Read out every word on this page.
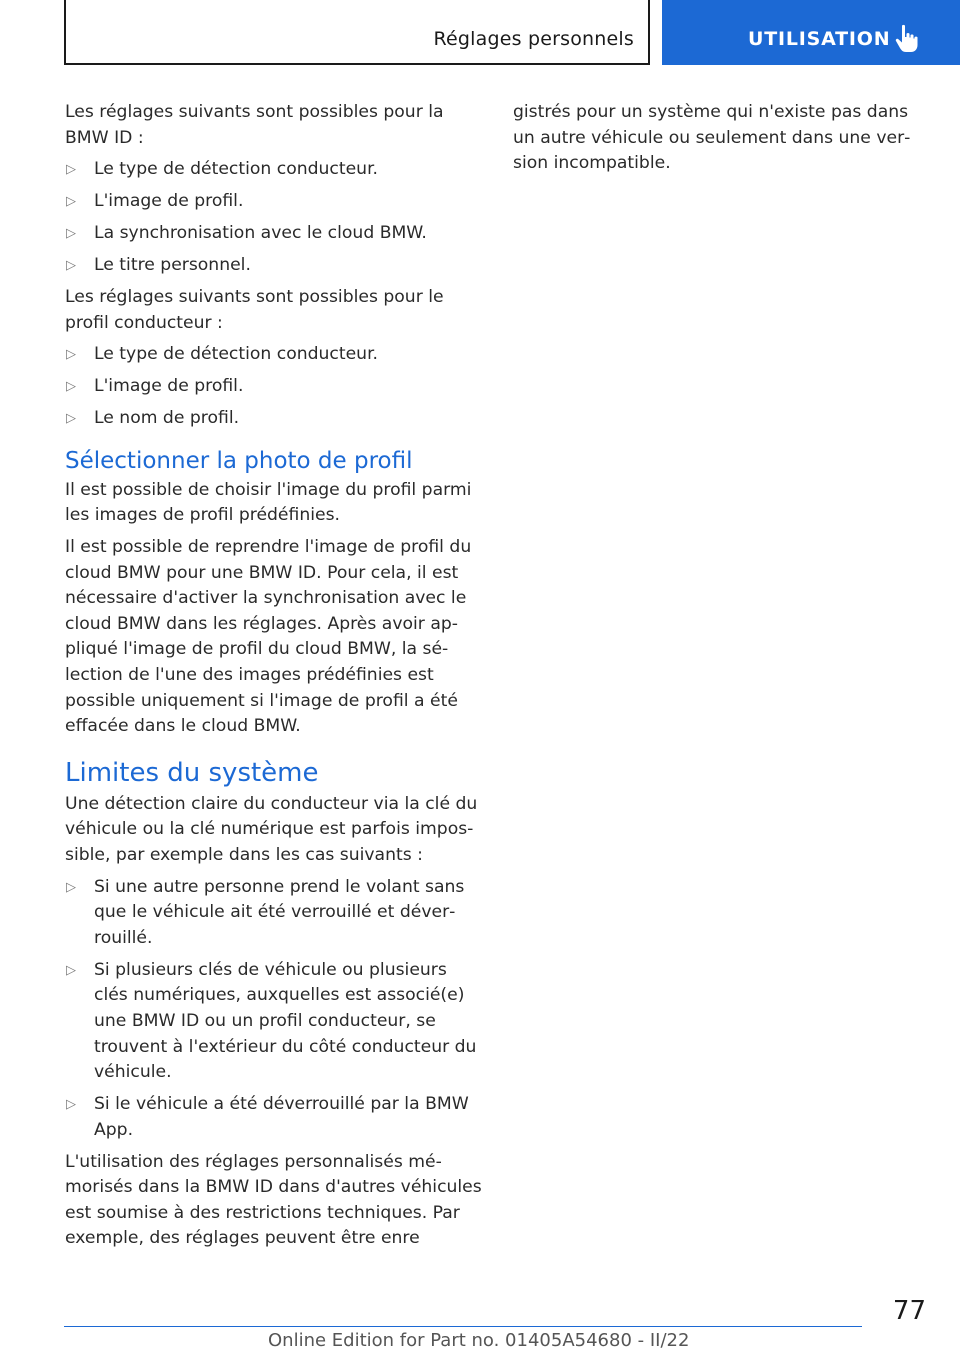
Réglages personnels	UTILISATION

Les réglages suivants sont possibles pour la BMW ID :

▷ Le type de détection conducteur.
▷ L'image de profil.
▷ La synchronisation avec le cloud BMW.
▷ Le titre personnel.

Les réglages suivants sont possibles pour le profil conducteur :

▷ Le type de détection conducteur.
▷ L'image de profil.
▷ Le nom de profil.
Sélectionner la photo de profil

Il est possible de choisir l'image du profil parmi les images de profil prédéfinies.

Il est possible de reprendre l'image de profil du cloud BMW pour une BMW ID. Pour cela, il est nécessaire d'activer la synchronisation avec le cloud BMW dans les réglages. Après avoir appliqué l'image de profil du cloud BMW, la sélection de l'une des images prédéfinies est possible uniquement si l'image de profil a été effacée dans le cloud BMW.

Limites du système

Une détection claire du conducteur via la clé du véhicule ou la clé numérique est parfois impossible, par exemple dans les cas suivants :

▷ Si une autre personne prend le volant sans que le véhicule ait été verrouillé et déverrouillé.
▷ Si plusieurs clés de véhicule ou plusieurs clés numériques, auxquelles est associé(e) une BMW ID ou un profil conducteur, se trouvent à l'extérieur du côté conducteur du véhicule.
▷ Si le véhicule a été déverrouillé par la BMW App.

L'utilisation des réglages personnalisés mémorisés dans la BMW ID dans d'autres véhicules est soumise à des restrictions techniques. Par exemple, des réglages peuvent être enre

gistrés pour un système qui n'existe pas dans un autre véhicule ou seulement dans une version incompatible.

77
Online Edition for Part no. 01405A54680 - II/22
